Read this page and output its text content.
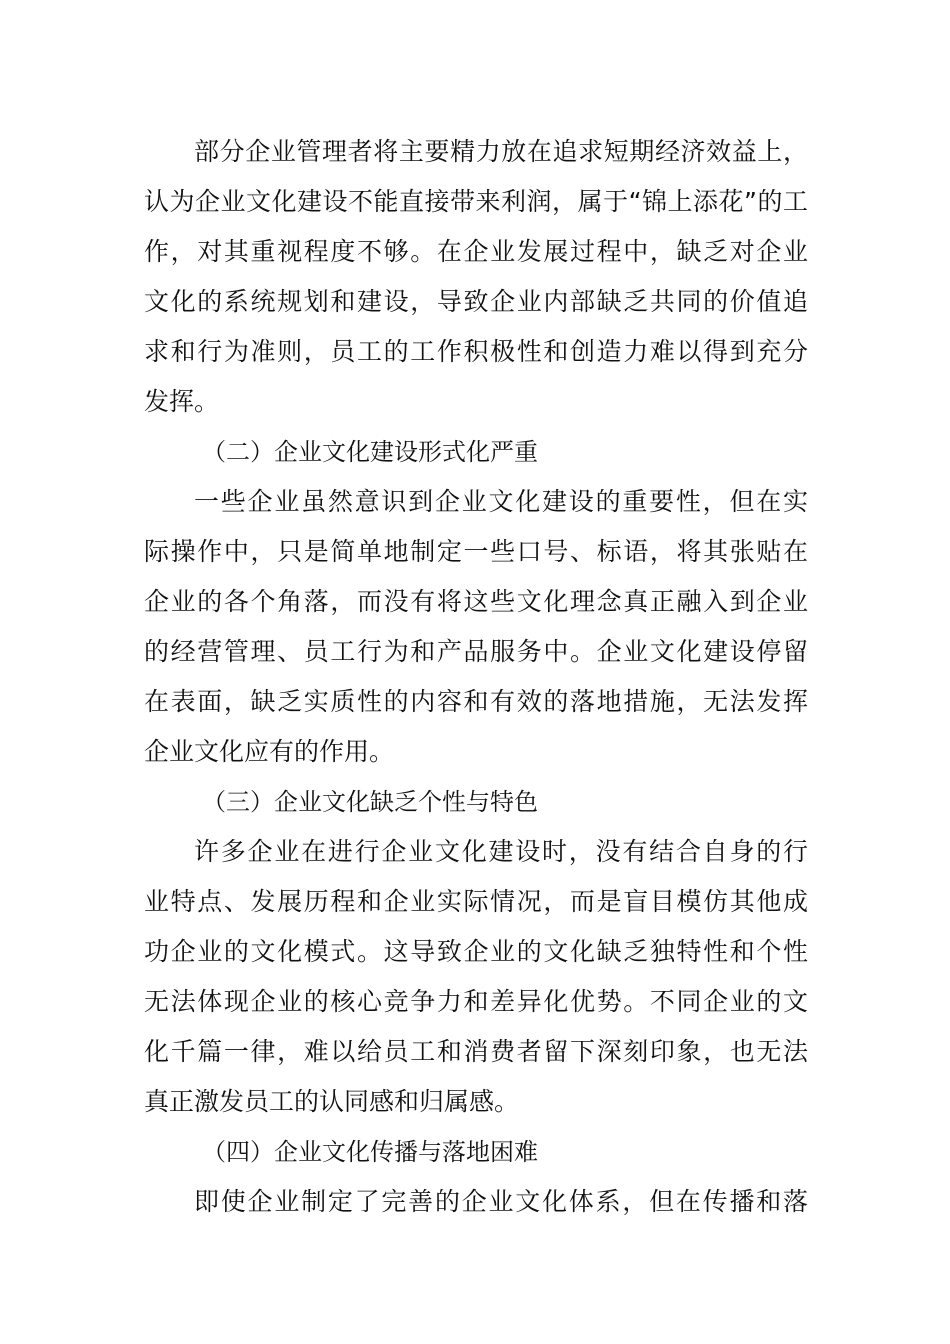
部分企业管理者将主要精力放在追求短期经济效益上，
认为企业文化建设不能直接带来利润，属于“锦上添花”的工
作，对其重视程度不够。在企业发展过程中，缺乏对企业
文化的系统规划和建设，导致企业内部缺乏共同的价值追
求和行为准则，员工的工作积极性和创造力难以得到充分
发挥。
（二）企业文化建设形式化严重
一些企业虽然意识到企业文化建设的重要性，但在实
际操作中，只是简单地制定一些口号、标语，将其张贴在
企业的各个角落，而没有将这些文化理念真正融入到企业
的经营管理、员工行为和产品服务中。企业文化建设停留
在表面，缺乏实质性的内容和有效的落地措施，无法发挥
企业文化应有的作用。
（三）企业文化缺乏个性与特色
许多企业在进行企业文化建设时，没有结合自身的行
业特点、发展历程和企业实际情况，而是盲目模仿其他成
功企业的文化模式。这导致企业的文化缺乏独特性和个性
无法体现企业的核心竞争力和差异化优势。不同企业的文
化千篇一律，难以给员工和消费者留下深刻印象，也无法
真正激发员工的认同感和归属感。
（四）企业文化传播与落地困难
即使企业制定了完善的企业文化体系，但在传播和落
